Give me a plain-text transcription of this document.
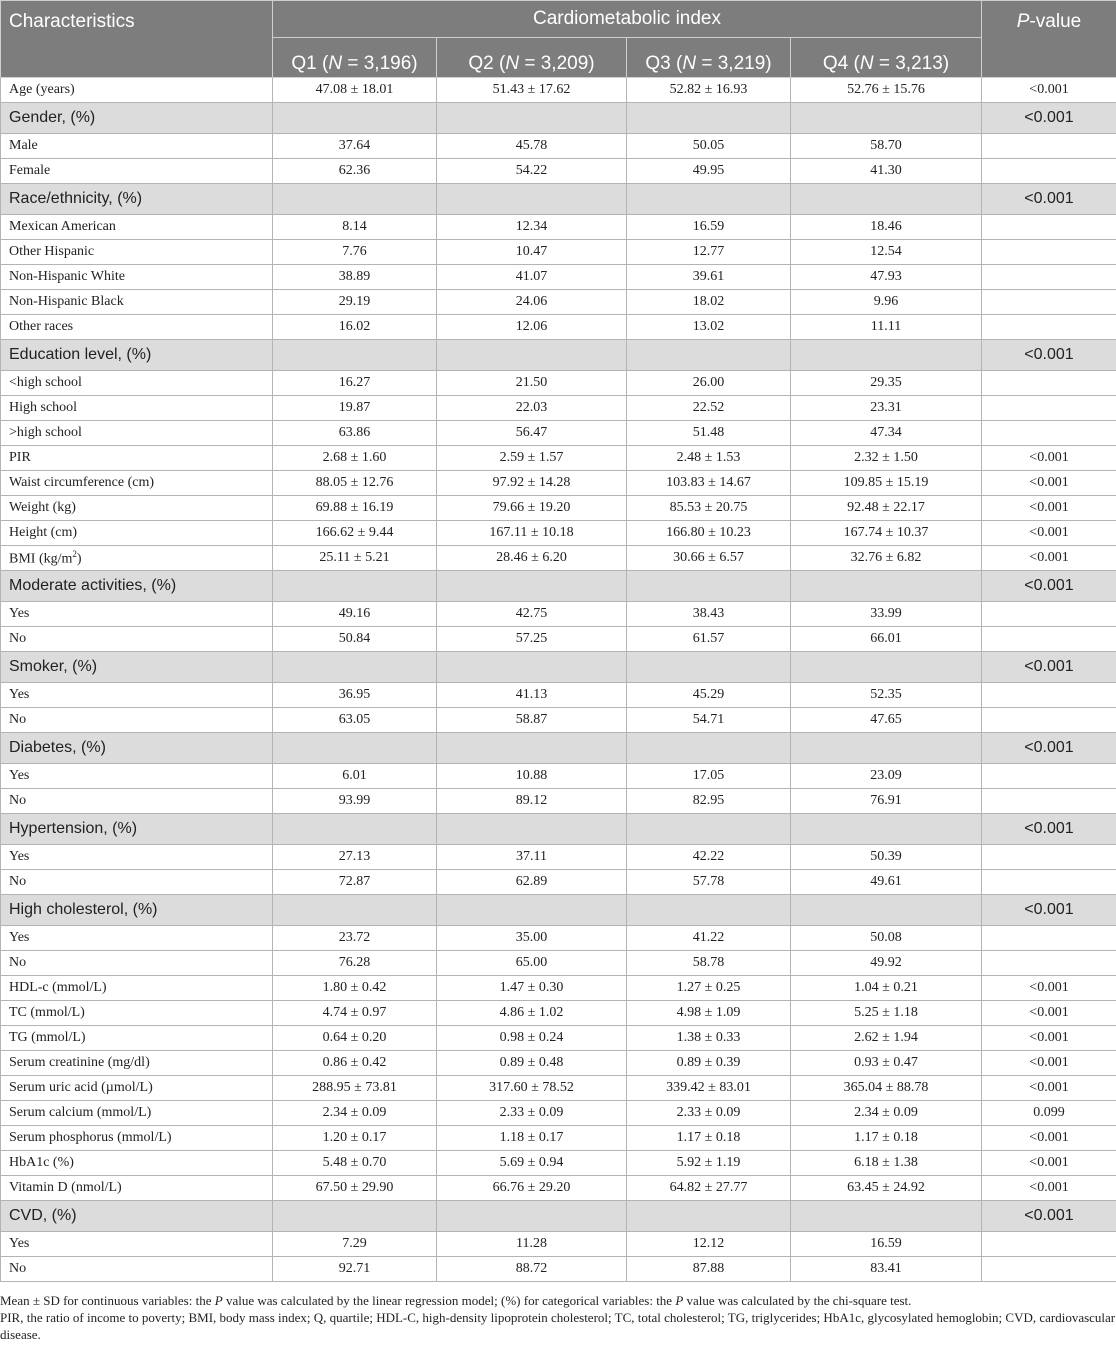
Characteristics	Cardiometabolic index				P-value
	Q1 (N = 3,196)	Q2 (N = 3,209)	Q3 (N = 3,219)	Q4 (N = 3,213)	
Age (years)	47.08 ± 18.01	51.43 ± 17.62	52.82 ± 16.93	52.76 ± 15.76	<0.001
Gender, (%)					<0.001
Male	37.64	45.78	50.05	58.70	
Female	62.36	54.22	49.95	41.30	
Race/ethnicity, (%)					<0.001
Mexican American	8.14	12.34	16.59	18.46	
Other Hispanic	7.76	10.47	12.77	12.54	
Non-Hispanic White	38.89	41.07	39.61	47.93	
Non-Hispanic Black	29.19	24.06	18.02	9.96	
Other races	16.02	12.06	13.02	11.11	
Education level, (%)					<0.001
<high school	16.27	21.50	26.00	29.35	
High school	19.87	22.03	22.52	23.31	
>high school	63.86	56.47	51.48	47.34	
PIR	2.68 ± 1.60	2.59 ± 1.57	2.48 ± 1.53	2.32 ± 1.50	<0.001
Waist circumference (cm)	88.05 ± 12.76	97.92 ± 14.28	103.83 ± 14.67	109.85 ± 15.19	<0.001
Weight (kg)	69.88 ± 16.19	79.66 ± 19.20	85.53 ± 20.75	92.48 ± 22.17	<0.001
Height (cm)	166.62 ± 9.44	167.11 ± 10.18	166.80 ± 10.23	167.74 ± 10.37	<0.001
BMI $(kg/m^2)$	25.11 ± 5.21	28.46 ± 6.20	30.66 ± 6.57	32.76 ± 6.82	<0.001
Moderate activities, (%)					<0.001
Yes	49.16	42.75	38.43	33.99	
No	50.84	57.25	61.57	66.01	
Smoker, (%)					<0.001
Yes	36.95	41.13	45.29	52.35	
No	63.05	58.87	54.71	47.65	
Diabetes, (%)					<0.001
Yes	6.01	10.88	17.05	23.09	
No	93.99	89.12	82.95	76.91	
Hypertension, (%)					<0.001
Yes	27.13	37.11	42.22	50.39	
No	72.87	62.89	57.78	49.61	
High cholesterol, (%)					<0.001
Yes	23.72	35.00	41.22	50.08	
No	76.28	65.00	58.78	49.92	
HDL-c (mmol/L)	1.80 ± 0.42	1.47 ± 0.30	1.27 ± 0.25	1.04 ± 0.21	<0.001
TC (mmol/L)	4.74 ± 0.97	4.86 ± 1.02	4.98 ± 1.09	5.25 ± 1.18	<0.001
TG (mmol/L)	0.64 ± 0.20	0.98 ± 0.24	1.38 ± 0.33	2.62 ± 1.94	<0.001
Serum creatinine (mg/dl)	0.86 ± 0.42	0.89 ± 0.48	0.89 ± 0.39	0.93 ± 0.47	<0.001
Serum uric acid (µmol/L)	288.95 ± 73.81	317.60 ± 78.52	339.42 ± 83.01	365.04 ± 88.78	<0.001
Serum calcium (mmol/L)	2.34 ± 0.09	2.33 ± 0.09	2.33 ± 0.09	2.34 ± 0.09	0.099
Serum phosphorus (mmol/L)	1.20 ± 0.17	1.18 ± 0.17	1.17 ± 0.18	1.17 ± 0.18	<0.001
HbA1c (%)	5.48 ± 0.70	5.69 ± 0.94	5.92 ± 1.19	6.18 ± 1.38	<0.001
Vitamin D (nmol/L)	67.50 ± 29.90	66.76 ± 29.20	64.82 ± 27.77	63.45 ± 24.92	<0.001
CVD, (%)					<0.001
Yes	7.29	11.28	12.12	16.59	
No	92.71	88.72	87.88	83.41	

Mean ± SD for continuous variables: the P value was calculated by the linear regression model; (%) for categorical variables: the P value was calculated by the chi-square test.

PIR, the ratio of income to poverty; BMI, body mass index; Q, quartile; HDL-C, high-density lipoprotein cholesterol; TC, total cholesterol; TG, triglycerides; HbA1c, glycosylated hemoglobin; CVD, cardiovascular disease.
